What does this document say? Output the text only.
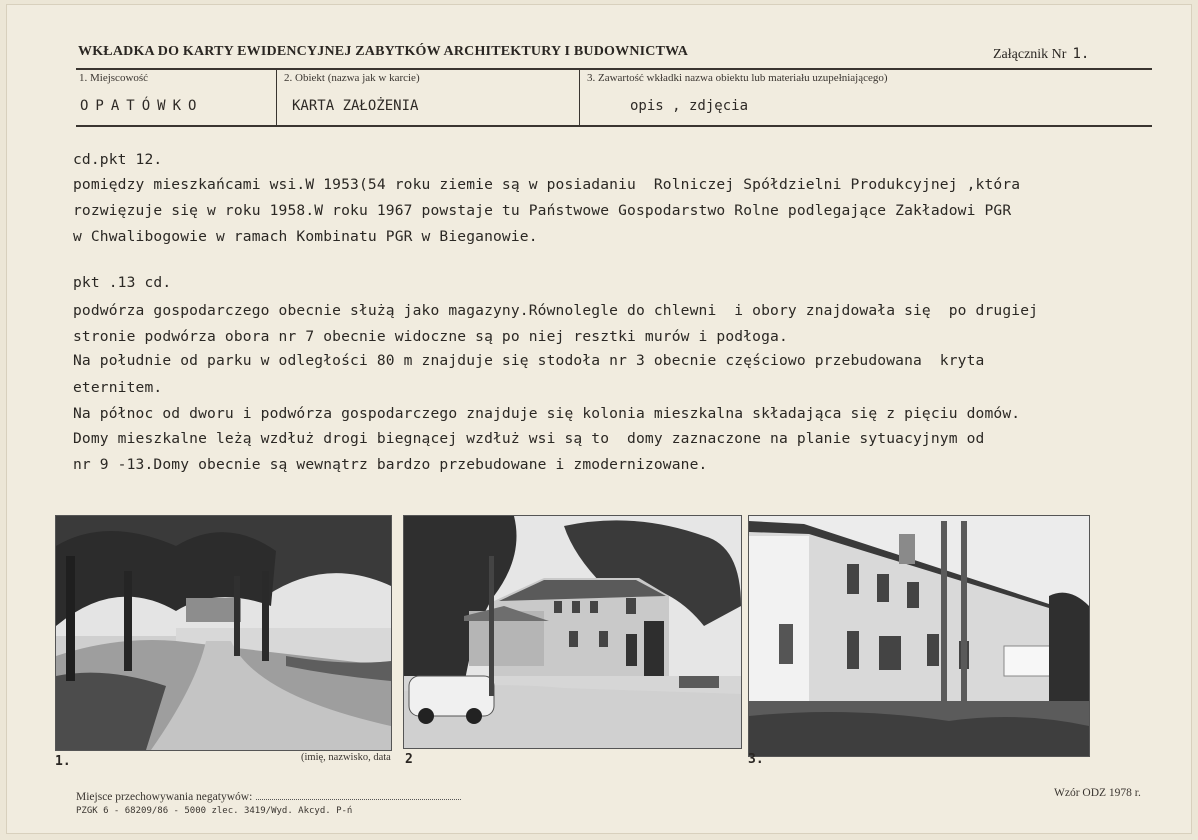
WKŁADKA DO KARTY EWIDENCYJNEJ ZABYTKÓW ARCHITEKTURY I BUDOWNICTWA	Załącznik Nr 1.
1. Miejscowość	2. Obiekt (nazwa jak w karcie)	3. Zawartość wkładki nazwa obiektu lub materiału uzupełniającego)
OPATÓWKO	KARTA ZAŁOŻENIA	opis , zdjęcia
cd.pkt 12.
pomiędzy mieszkańcami wsi.W 1953(54 roku ziemie są w posiadaniu  Rolniczej Spółdzielni Produkcyjnej ,która
rozwięzuje się w roku 1958.W roku 1967 powstaje tu Państwowe Gospodarstwo Rolne podlegające Zakładowi PGR
w Chwalibogowie w ramach Kombinatu PGR w Bieganowie.
pkt .13 cd.
podwórza gospodarczego obecnie służą jako magazyny.Równolegle do chlewni  i obory znajdowała się  po drugiej
stronie podwórza obora nr 7 obecnie widoczne są po niej resztki murów i podłoga.
Na południe od parku w odległości 80 m znajduje się stodoła nr 3 obecnie częściowo przebudowana  kryta
eternitem.
Na północ od dworu i podwórza gospodarczego znajduje się kolonia mieszkalna składająca się z pięciu domów.
Domy mieszkalne leżą wzdłuż drogi biegnącej wzdłuż wsi są to  domy zaznaczone na planie sytuacyjnym od
nr 9 -13.Domy obecnie są wewnątrz bardzo przebudowane i zmodernizowane.
1.	2	3.
(imię, nazwisko, data
Miejsce przechowywania negatywów:	Wzór ODZ 1978 r.
PZGK 6 - 68209/86 - 5000 zlec. 3419/Wyd. Akcyd. P-ń
